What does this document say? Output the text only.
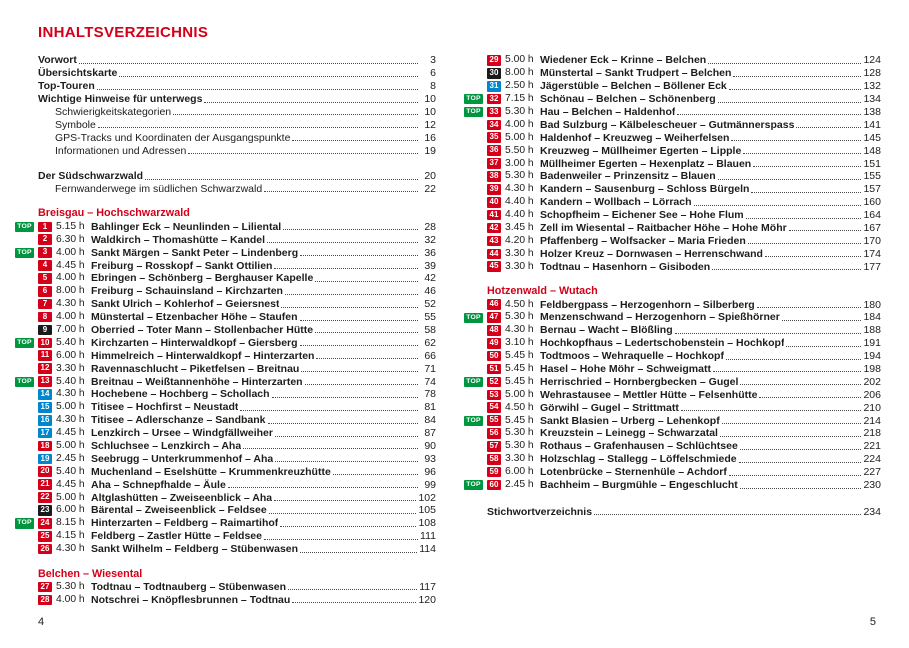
INHALTSVERZEICHNIS
Vorwort	3
Übersichtskarte	6
Top-Touren	8
Wichtige Hinweise für unterwegs	10
Schwierigkeitskategorien	10
Symbole	12
GPS-Tracks und Koordinaten der Ausgangspunkte	16
Informationen und Adressen	19
Der Südschwarzwald	20
Fernwanderwege im südlichen Schwarzwald	22
Breisgau – Hochschwarzwald
TOP	1 5.15 h Bahlinger Eck – Neunlinden – Liliental	28
2 6.30 h Waldkirch – Thomashütte – Kandel	32
TOP	3 4.00 h Sankt Märgen – Sankt Peter – Lindenberg	36
4 4.45 h Freiburg – Rosskopf – Sankt Ottilien	39
5 4.00 h Ebringen – Schönberg – Berghauser Kapelle	42
6 8.00 h Freiburg – Schauinsland – Kirchzarten	46
7 4.30 h Sankt Ulrich – Kohlerhof – Geiersnest	52
8 4.00 h Münstertal – Etzenbacher Höhe – Staufen	55
9 7.00 h Oberried – Toter Mann – Stollenbacher Hütte	58
TOP	10 5.40 h Kirchzarten – Hinterwaldkopf – Giersberg	62
11 6.00 h Himmelreich – Hinterwaldkopf – Hinterzarten	66
12 3.30 h Ravennaschlucht – Piketfelsen – Breitnau	71
TOP	13 5.40 h Breitnau – Weißtannenhöhe – Hinterzarten	74
14 4.30 h Hochebene – Hochberg – Schollach	78
15 5.00 h Titisee – Hochfirst – Neustadt	81
16 4.30 h Titisee – Adlerschanze – Sandbank	84
17 4.45 h Lenzkirch – Ursee – Windgfällweiher	87
18 5.00 h Schluchsee – Lenzkirch – Aha	90
19 2.45 h Seebrugg – Unterkrummenhof – Aha	93
20 5.40 h Muchenland – Eselshütte – Krummenkreuzhütte	96
21 4.45 h Aha – Schnepfhalde – Äule	99
22 5.00 h Altglashütten – Zweiseenblick – Aha	102
23 6.00 h Bärental – Zweiseenblick – Feldsee	105
TOP	24 8.15 h Hinterzarten – Feldberg – Raimartihof	108
25 4.15 h Feldberg – Zastler Hütte – Feldsee	111
26 4.30 h Sankt Wilhelm – Feldberg – Stübenwasen	114
Belchen – Wiesental
27 5.30 h Todtnau – Todtnauberg – Stübenwasen	117
28 4.00 h Notschrei – Knöpflesbrunnen – Todtnau	120
29 5.00 h Wiedener Eck – Krinne – Belchen	124
30 8.00 h Münstertal – Sankt Trudpert – Belchen	128
31 2.50 h Jägerstüble – Belchen – Böllener Eck	132
TOP	32 7.15 h Schönau – Belchen – Schönenberg	134
TOP	33 5.30 h Hau – Belchen – Haldenhof	138
34 4.00 h Bad Sulzburg – Kälbelescheuer – Gutmännerspass	141
35 5.00 h Haldenhof – Kreuzweg – Weiherfelsen	145
36 5.50 h Kreuzweg – Müllheimer Egerten – Lipple	148
37 3.00 h Müllheimer Egerten – Hexenplatz – Blauen	151
38 5.30 h Badenweiler – Prinzensitz – Blauen	155
39 4.30 h Kandern – Sausenburg – Schloss Bürgeln	157
40 4.40 h Kandern – Wollbach – Lörrach	160
41 4.40 h Schopfheim – Eichener See – Hohe Flum	164
42 3.45 h Zell im Wiesental – Raitbacher Höhe – Hohe Möhr	167
43 4.20 h Pfaffenberg – Wolfsacker – Maria Frieden	170
44 3.30 h Holzer Kreuz – Dornwasen – Herrenschwand	174
45 3.30 h Todtnau – Hasenhorn – Gisiboden	177
Hotzenwald – Wutach
46 4.50 h Feldbergpass – Herzogenhorn – Silberberg	180
TOP	47 5.30 h Menzenschwand – Herzogenhorn – Spießhörner	184
48 4.30 h Bernau – Wacht – Blößling	188
49 3.10 h Hochkopfhaus – Ledertschobenstein – Hochkopf	191
50 5.45 h Todtmoos – Wehraquelle – Hochkopf	194
51 5.45 h Hasel – Hohe Möhr – Schweigmatt	198
TOP	52 5.45 h Herrischried – Hornbergbecken – Gugel	202
53 5.00 h Wehrastausee – Mettler Hütte – Felsenhütte	206
54 4.50 h Görwihl – Gugel – Strittmatt	210
TOP	55 5.45 h Sankt Blasien – Urberg – Lehenkopf	214
56 5.30 h Kreuzstein – Leinegg – Schwarzatal	218
57 5.30 h Rothaus – Grafenhausen – Schlüchtsee	221
58 3.30 h Holzschlag – Stallegg – Löffelschmiede	224
59 6.00 h Lotenbrücke – Sternenhüle – Achdorf	227
TOP	60 2.45 h Bachheim – Burgmühle – Engeschlucht	230
Stichwortverzeichnis	234
4	5
